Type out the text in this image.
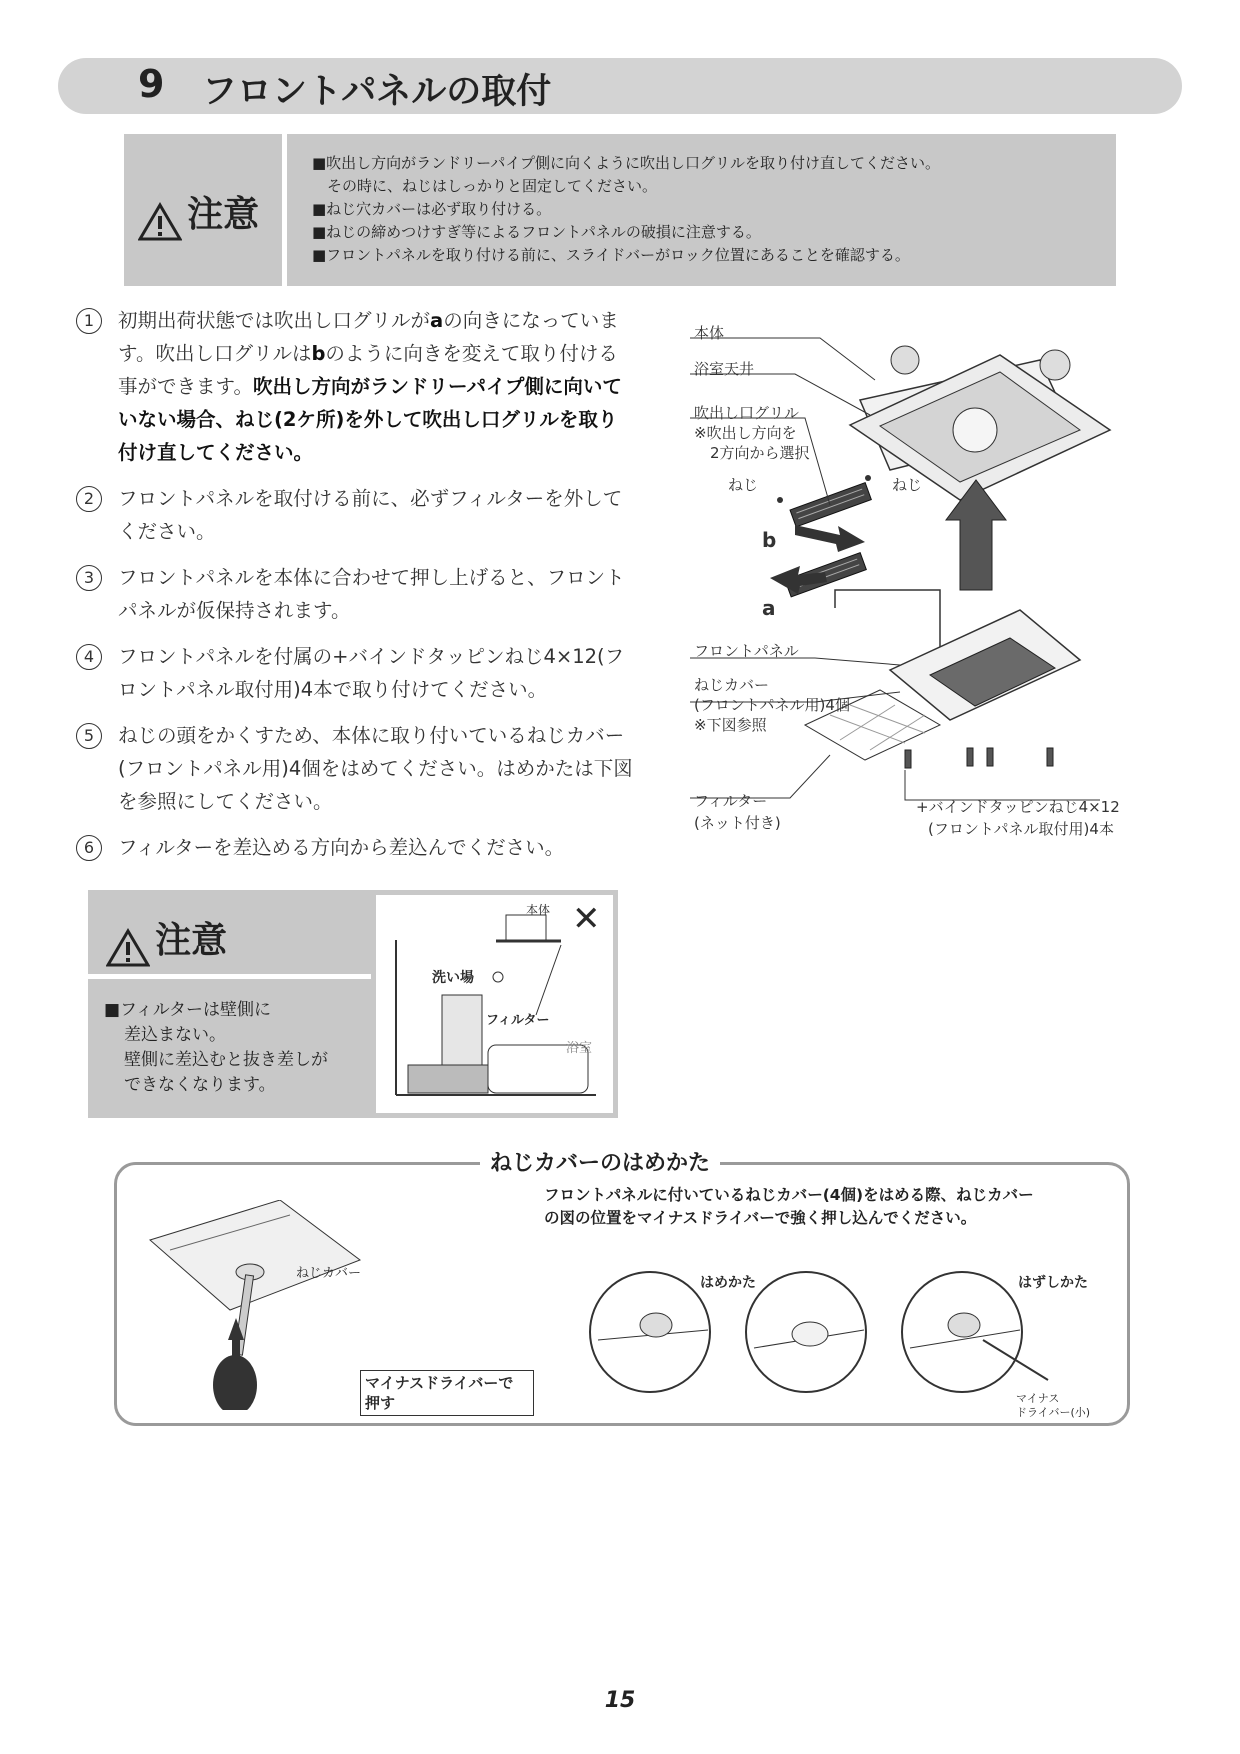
9 フロントパネルの取付
注意
■吹出し方向がランドリーパイプ側に向くように吹出し口グリルを取り付け直してください。
　その時に、ねじはしっかりと固定してください。
■ねじ穴カバーは必ず取り付ける。
■ねじの締めつけすぎ等によるフロントパネルの破損に注意する。
■フロントパネルを取り付ける前に、スライドバーがロック位置にあることを確認する。
1	初期出荷状態では吹出し口グリルがaの向きになっています。吹出し口グリルはbのように向きを変えて取り付ける事ができます。吹出し方向がランドリーパイプ側に向いていない場合、ねじ(2ケ所)を外して吹出し口グリルを取り付け直してください。
2	フロントパネルを取付ける前に、必ずフィルターを外してください。
3	フロントパネルを本体に合わせて押し上げると、フロントパネルが仮保持されます。
4	フロントパネルを付属の+バインドタッピンねじ4×12(フロントパネル取付用)4本で取り付けてください。
5	ねじの頭をかくすため、本体に取り付いているねじカバー(フロントパネル用)4個をはめてください。はめかたは下図を参照にしてください。
6	フィルターを差込める方向から差込んでください。
本体
浴室天井
吹出し口グリル
※吹出し方向を
2方向から選択
ねじ	ねじ
b
a
フロントパネル
ねじカバー
(フロントパネル用)4個
※下図参照
フィルター
(ネット付き)
+バインドタッピンねじ4×12
(フロントパネル取付用)4本
注意
■フィルターは壁側に
差込まない。
壁側に差込むと抜き差しが
できなくなります。
本体 ✕
洗い場
フィルター
浴室
ねじカバーのはめかた
フロントパネルに付いているねじカバー(4個)をはめる際、ねじカバー
の図の位置をマイナスドライバーで強く押し込んでください。
ねじカバー
マイナスドライバーで
押す
はめかた	はずしかた
マイナス
ドライバー(小)
15
